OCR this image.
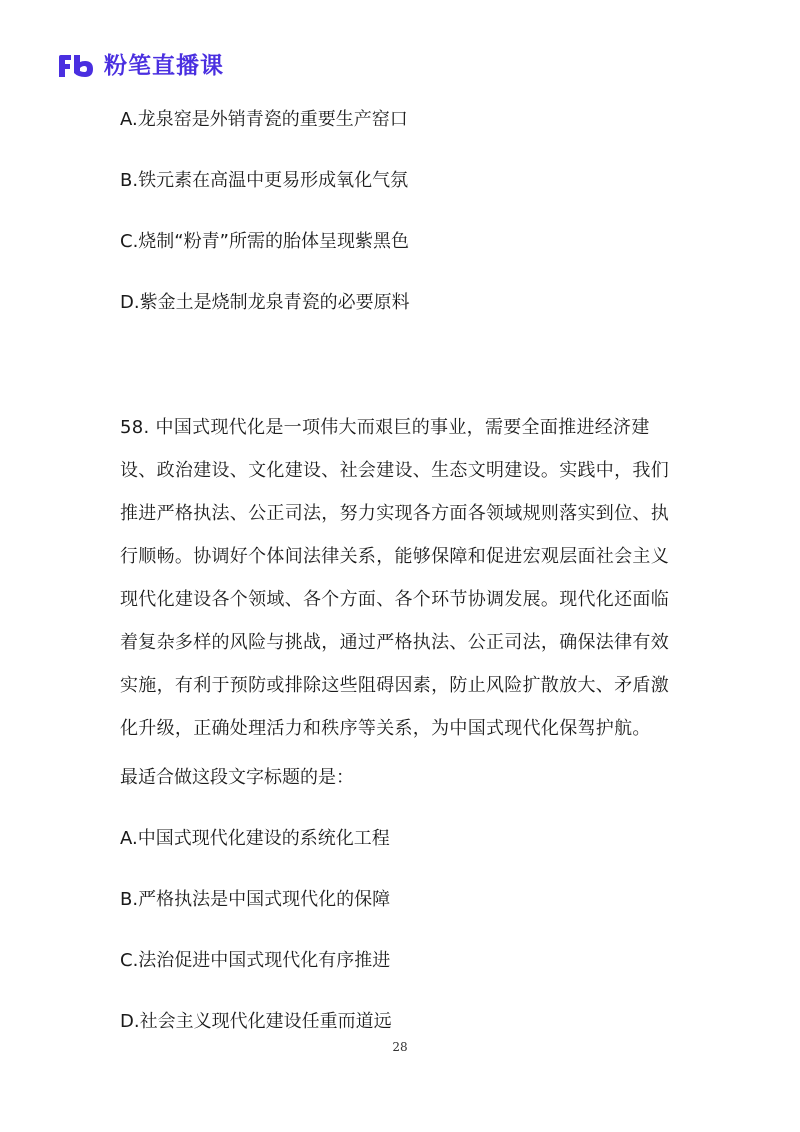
粉笔直播课
A.龙泉窑是外销青瓷的重要生产窑口
B.铁元素在高温中更易形成氧化气氛
C.烧制“粉青”所需的胎体呈现紫黑色
D.紫金土是烧制龙泉青瓷的必要原料

58. 中国式现代化是一项伟大而艰巨的事业，需要全面推进经济建
设、政治建设、文化建设、社会建设、生态文明建设。实践中，我们
推进严格执法、公正司法，努力实现各方面各领域规则落实到位、执
行顺畅。协调好个体间法律关系，能够保障和促进宏观层面社会主义
现代化建设各个领域、各个方面、各个环节协调发展。现代化还面临
着复杂多样的风险与挑战，通过严格执法、公正司法，确保法律有效
实施，有利于预防或排除这些阻碍因素，防止风险扩散放大、矛盾激
化升级，正确处理活力和秩序等关系，为中国式现代化保驾护航。

最适合做这段文字标题的是：
A.中国式现代化建设的系统化工程
B.严格执法是中国式现代化的保障
C.法治促进中国式现代化有序推进
D.社会主义现代化建设任重而道远
28
